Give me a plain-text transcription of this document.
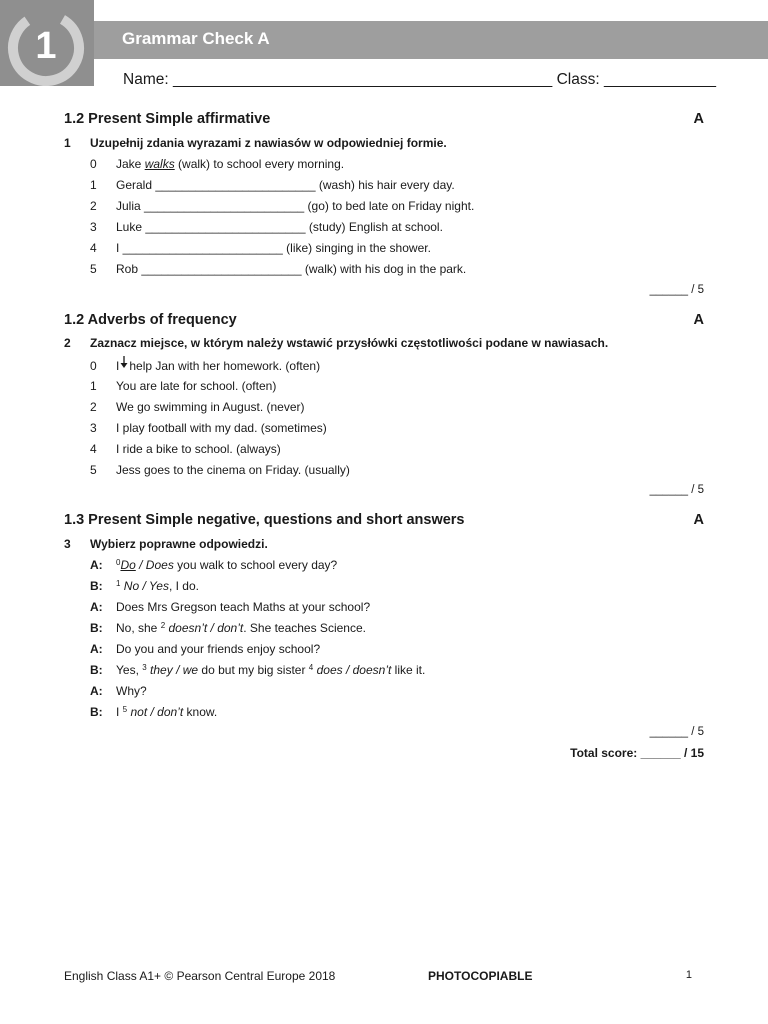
1	Grammar Check A
Name: ____________________________________________ Class: _____________
1.2 Present Simple affirmative	A
1 Uzupełnij zdania wyrazami z nawiasów w odpowiedniej formie.
0 Jake walks (walk) to school every morning.
1 Gerald ________________________ (wash) his hair every day.
2 Julia ________________________ (go) to bed late on Friday night.
3 Luke ________________________ (study) English at school.
4 I ________________________ (like) singing in the shower.
5 Rob ________________________ (walk) with his dog in the park.
______ / 5
1.2 Adverbs of frequency	A
2 Zaznacz miejsce, w którym należy wstawić przysłówki częstotliwości podane w nawiasach.
0 I help Jan with her homework. (often)
1 You are late for school. (often)
2 We go swimming in August. (never)
3 I play football with my dad. (sometimes)
4 I ride a bike to school. (always)
5 Jess goes to the cinema on Friday. (usually)
______ / 5
1.3 Present Simple negative, questions and short answers	A
3 Wybierz poprawne odpowiedzi.
A: $^0$Do / Does you walk to school every day?
B: $^1$ No / Yes, I do.
A: Does Mrs Gregson teach Maths at your school?
B: No, she $^2$ doesn’t / don’t. She teaches Science.
A: Do you and your friends enjoy school?
B: Yes, $^3$ they / we do but my big sister $^4$ does / doesn’t like it.
A: Why?
B: I $^5$ not / don’t know.
______ / 5
Total score: ______ / 15
English Class A1+ © Pearson Central Europe 2018	PHOTOCOPIABLE	1
